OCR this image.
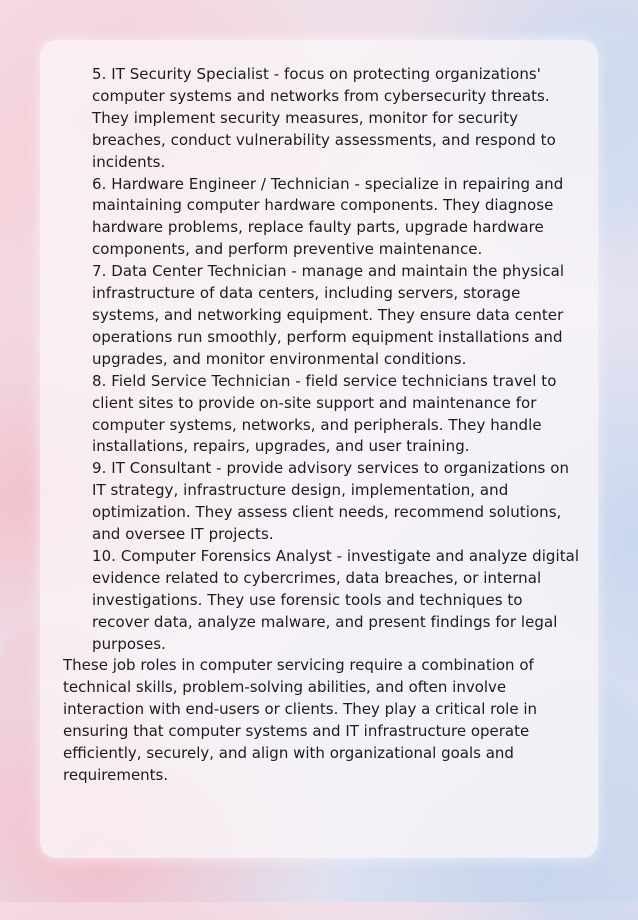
5. IT Security Specialist - focus on protecting organizations' computer systems and networks from cybersecurity threats. They implement security measures, monitor for security breaches, conduct vulnerability assessments, and respond to incidents.
6. Hardware Engineer / Technician - specialize in repairing and maintaining computer hardware components. They diagnose hardware problems, replace faulty parts, upgrade hardware components, and perform preventive maintenance.
7. Data Center Technician - manage and maintain the physical infrastructure of data centers, including servers, storage systems, and networking equipment. They ensure data center operations run smoothly, perform equipment installations and upgrades, and monitor environmental conditions.
8. Field Service Technician - field service technicians travel to client sites to provide on-site support and maintenance for computer systems, networks, and peripherals. They handle installations, repairs, upgrades, and user training.
9. IT Consultant - provide advisory services to organizations on IT strategy, infrastructure design, implementation, and optimization. They assess client needs, recommend solutions, and oversee IT projects.
10. Computer Forensics Analyst - investigate and analyze digital evidence related to cybercrimes, data breaches, or internal investigations. They use forensic tools and techniques to recover data, analyze malware, and present findings for legal purposes.

These job roles in computer servicing require a combination of technical skills, problem-solving abilities, and often involve interaction with end-users or clients. They play a critical role in ensuring that computer systems and IT infrastructure operate efficiently, securely, and align with organizational goals and requirements.
